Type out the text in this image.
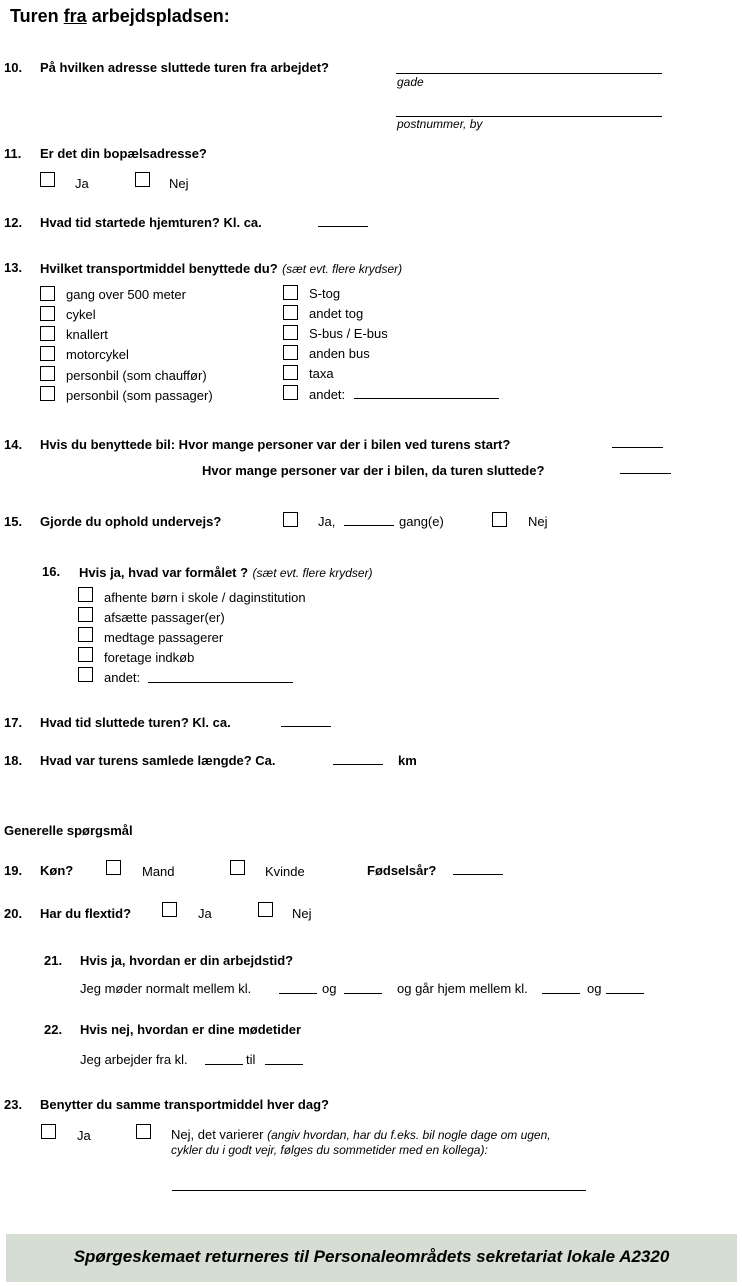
Turen fra arbejdspladsen:
10. På hvilken adresse sluttede turen fra arbejdet?
gade
postnummer, by
11. Er det din bopælsadresse?
Ja	Nej
12. Hvad tid startede hjemturen? Kl. ca.
13. Hvilket transportmiddel benyttede du? (sæt evt. flere krydser)
gang over 500 meter
cykel
knallert
motorcykel
personbil (som chauffør)
personbil (som passager)
S-tog
andet tog
S-bus / E-bus
anden bus
taxa
andet:
14. Hvis du benyttede bil: Hvor mange personer var der i bilen ved turens start?
Hvor mange personer var der i bilen, da turen sluttede?
15. Gjorde du ophold undervejs?	Ja,	gang(e)	Nej
16. Hvis ja, hvad var formålet ? (sæt evt. flere krydser)
afhente børn i skole / daginstitution
afsætte passager(er)
medtage passagerer
foretage indkøb
andet:
17. Hvad tid sluttede turen? Kl. ca.
18. Hvad var turens samlede længde? Ca.	km
Generelle spørgsmål
19. Køn?	Mand	Kvinde	Fødselsår?
20. Har du flextid?	Ja	Nej
21. Hvis ja, hvordan er din arbejdstid?
Jeg møder normalt mellem kl.	og	og går hjem mellem kl.	og
22. Hvis nej, hvordan er dine mødetider
Jeg arbejder fra kl.	til
23. Benytter du samme transportmiddel hver dag?
Ja	Nej, det varierer (angiv hvordan, har du f.eks. bil nogle dage om ugen,
cykler du i godt vejr, følges du sommetider med en kollega):
Spørgeskemaet returneres til Personaleområdets sekretariat lokale A2320
